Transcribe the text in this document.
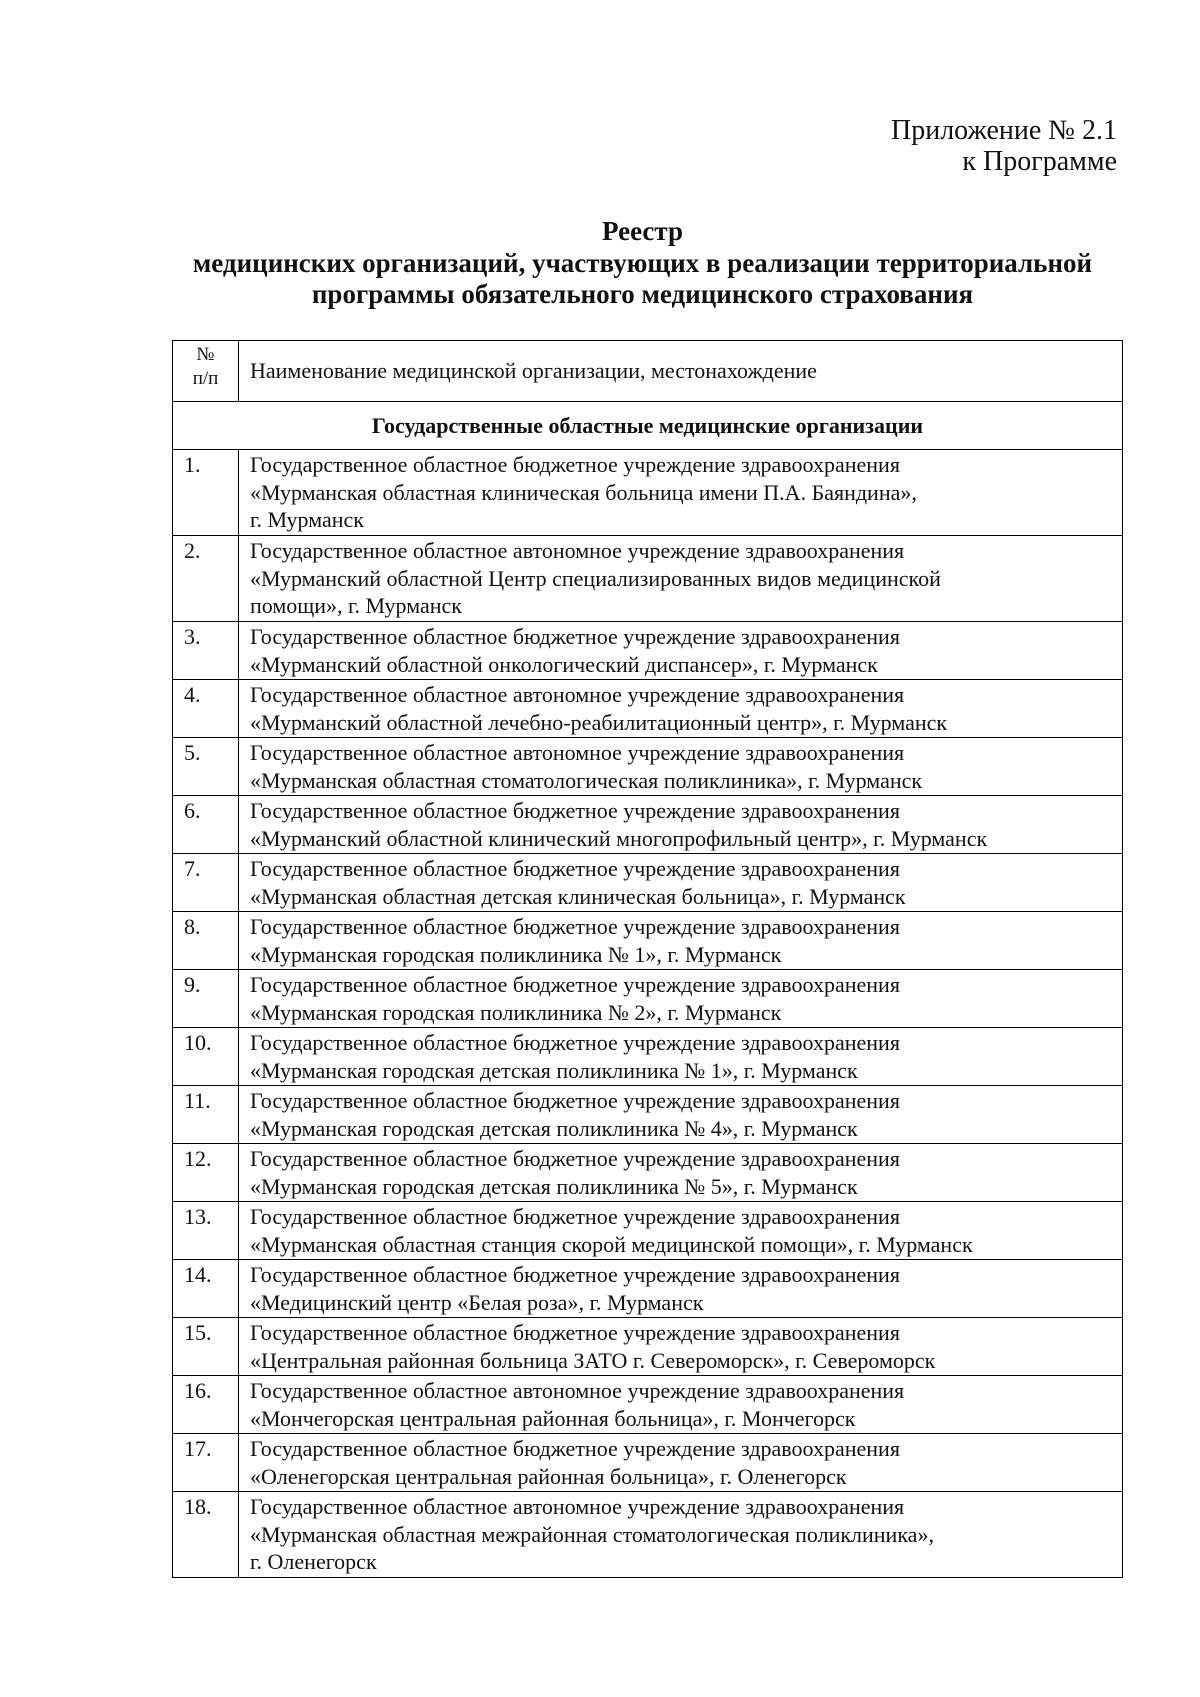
Приложение № 2.1
к Программе
Реестр
медицинских организаций, участвующих в реализации территориальной
программы обязательного медицинского страхования
№
п/п	Наименование медицинской организации, местонахождение
Государственные областные медицинские организации	
1.	Государственное областное бюджетное учреждение здравоохранения
«Мурманская областная клиническая больница имени П.А. Баяндина»,
г. Мурманск

2.	Государственное областное автономное учреждение здравоохранения
«Мурманский областной Центр специализированных видов медицинской
помощи», г. Мурманск

3.	Государственное областное бюджетное учреждение здравоохранения
«Мурманский областной онкологический диспансер», г. Мурманск

4.	Государственное областное автономное учреждение здравоохранения
«Мурманский областной лечебно-реабилитационный центр», г. Мурманск

5.	Государственное областное автономное учреждение здравоохранения
«Мурманская областная стоматологическая поликлиника», г. Мурманск

6.	Государственное областное бюджетное учреждение здравоохранения
«Мурманский областной клинический многопрофильный центр», г. Мурманск

7.	Государственное областное бюджетное учреждение здравоохранения
«Мурманская областная детская клиническая больница», г. Мурманск

8.	Государственное областное бюджетное учреждение здравоохранения
«Мурманская городская поликлиника № 1», г. Мурманск

9.	Государственное областное бюджетное учреждение здравоохранения
«Мурманская городская поликлиника № 2», г. Мурманск

10.	Государственное областное бюджетное учреждение здравоохранения
«Мурманская городская детская поликлиника № 1», г. Мурманск

11.	Государственное областное бюджетное учреждение здравоохранения
«Мурманская городская детская поликлиника № 4», г. Мурманск

12.	Государственное областное бюджетное учреждение здравоохранения
«Мурманская городская детская поликлиника № 5», г. Мурманск

13.	Государственное областное бюджетное учреждение здравоохранения
«Мурманская областная станция скорой медицинской помощи», г. Мурманск

14.	Государственное областное бюджетное учреждение здравоохранения
«Медицинский центр «Белая роза», г. Мурманск

15.	Государственное областное бюджетное учреждение здравоохранения
«Центральная районная больница ЗАТО г. Североморск», г. Североморск

16.	Государственное областное автономное учреждение здравоохранения
«Мончегорская центральная районная больница», г. Мончегорск

17.	Государственное областное бюджетное учреждение здравоохранения
«Оленегорская центральная районная больница», г. Оленегорск

18.	Государственное областное автономное учреждение здравоохранения
«Мурманская областная межрайонная стоматологическая поликлиника»,
г. Оленегорск
